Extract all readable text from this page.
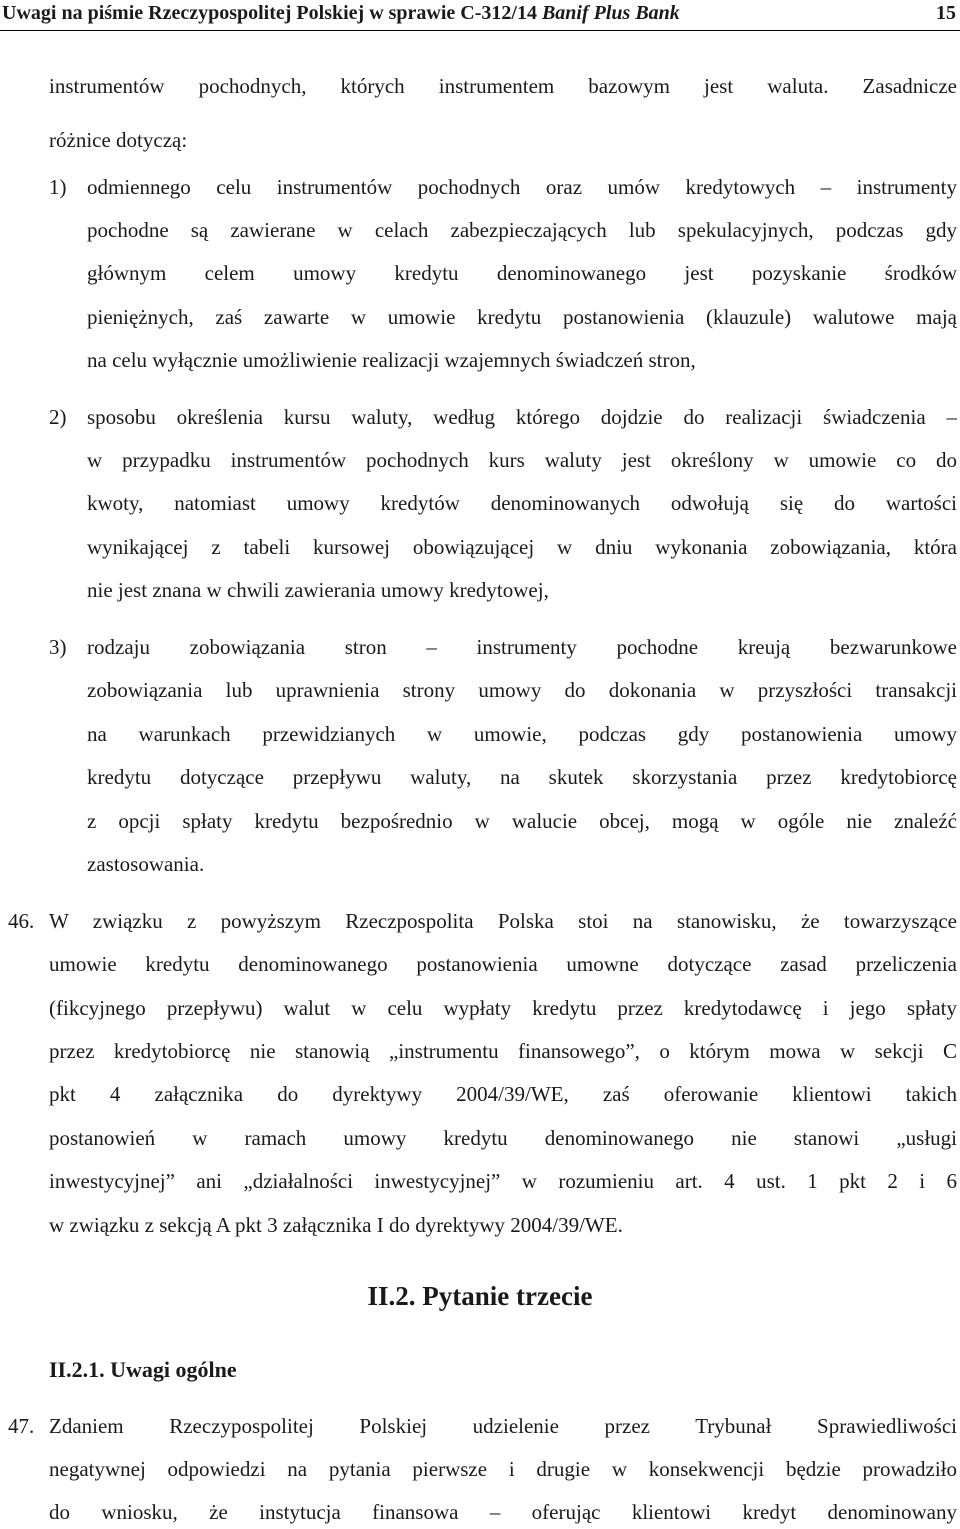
Uwagi na piśmie Rzeczypospolitej Polskiej w sprawie C-312/14 Banif Plus Bank	15
instrumentów pochodnych, których instrumentem bazowym jest waluta. Zasadnicze
różnice dotyczą:
1) odmiennego celu instrumentów pochodnych oraz umów kredytowych – instrumenty
pochodne są zawierane w celach zabezpieczających lub spekulacyjnych, podczas gdy
głównym celem umowy kredytu denominowanego jest pozyskanie środków
pieniężnych, zaś zawarte w umowie kredytu postanowienia (klauzule) walutowe mają
na celu wyłącznie umożliwienie realizacji wzajemnych świadczeń stron,
2) sposobu określenia kursu waluty, według którego dojdzie do realizacji świadczenia –
w przypadku instrumentów pochodnych kurs waluty jest określony w umowie co do
kwoty, natomiast umowy kredytów denominowanych odwołują się do wartości
wynikającej z tabeli kursowej obowiązującej w dniu wykonania zobowiązania, która
nie jest znana w chwili zawierania umowy kredytowej,
3) rodzaju zobowiązania stron – instrumenty pochodne kreują bezwarunkowe
zobowiązania lub uprawnienia strony umowy do dokonania w przyszłości transakcji
na warunkach przewidzianych w umowie, podczas gdy postanowienia umowy
kredytu dotyczące przepływu waluty, na skutek skorzystania przez kredytobiorcę
z opcji spłaty kredytu bezpośrednio w walucie obcej, mogą w ogóle nie znaleźć
zastosowania.
46. W związku z powyższym Rzeczpospolita Polska stoi na stanowisku, że towarzyszące
umowie kredytu denominowanego postanowienia umowne dotyczące zasad przeliczenia
(fikcyjnego przepływu) walut w celu wypłaty kredytu przez kredytodawcę i jego spłaty
przez kredytobiorcę nie stanowią „instrumentu finansowego”, o którym mowa w sekcji C
pkt 4 załącznika do dyrektywy 2004/39/WE, zaś oferowanie klientowi takich
postanowień w ramach umowy kredytu denominowanego nie stanowi „usługi
inwestycyjnej” ani „działalności inwestycyjnej” w rozumieniu art. 4 ust. 1 pkt 2 i 6
w związku z sekcją A pkt 3 załącznika I do dyrektywy 2004/39/WE.
II.2. Pytanie trzecie
II.2.1. Uwagi ogólne
47. Zdaniem Rzeczypospolitej Polskiej udzielenie przez Trybunał Sprawiedliwości
negatywnej odpowiedzi na pytania pierwsze i drugie w konsekwencji będzie prowadziło
do wniosku, że instytucja finansowa – oferując klientowi kredyt denominowany
